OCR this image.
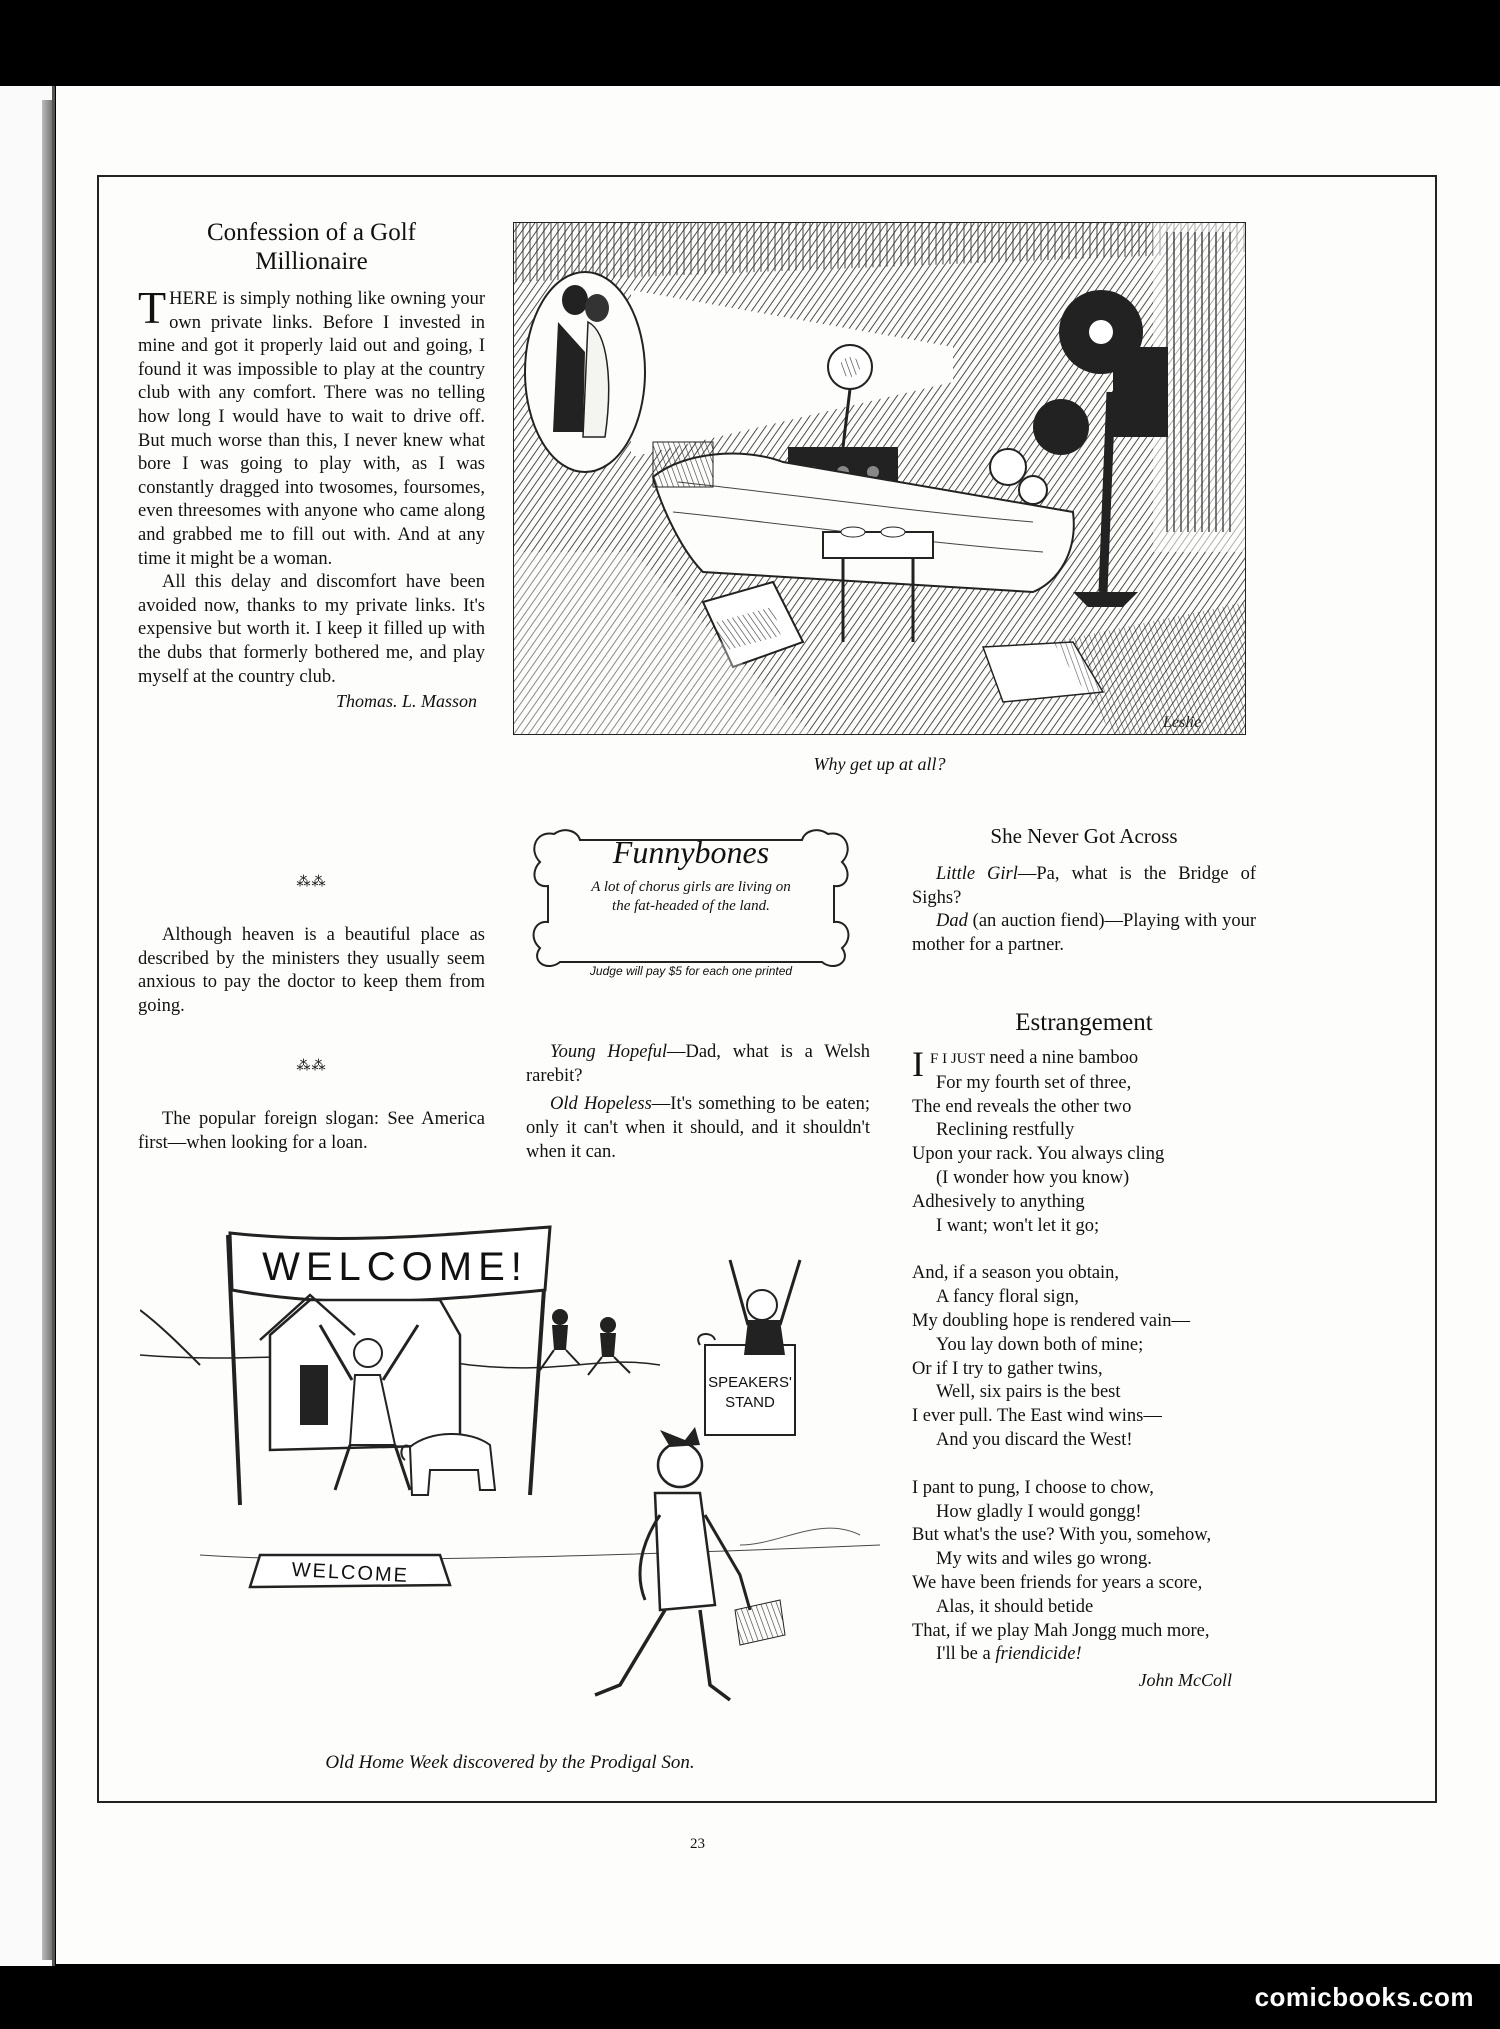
Confession of a Golf Millionaire

THERE is simply nothing like owning your own private links. Before I invested in mine and got it properly laid out and going, I found it was impossible to play at the country club with any comfort. There was no telling how long I would have to wait to drive off. But much worse than this, I never knew what bore I was going to play with, as I was constantly dragged into twosomes, foursomes, even threesomes with anyone who came along and grabbed me to fill out with. And at any time it might be a woman.

All this delay and discomfort have been avoided now, thanks to my private links. It's expensive but worth it. I keep it filled up with the dubs that formerly bothered me, and play myself at the country club.

Thomas. L. Masson
⁂⁂

Although heaven is a beautiful place as described by the ministers they usually seem anxious to pay the doctor to keep them from going.

⁂⁂

The popular foreign slogan: See America first—when looking for a loan.

Leslie
Why get up at all?
Funnybones
A lot of chorus girls are living on
the fat-headed of the land.
Judge will pay $5 for each one printed
She Never Got Across

Little Girl—Pa, what is the Bridge of Sighs?

Dad (an auction fiend)—Playing with your mother for a partner.

Young Hopeful—Dad, what is a Welsh rarebit?

Old Hopeless—It's something to be eaten; only it can't when it should, and it shouldn't when it can.

Estrangement
I F I JUST need a nine bamboo
For my fourth set of three,
The end reveals the other two
Reclining restfully
Upon your rack. You always cling
(I wonder how you know)
Adhesively to anything
I want; won't let it go;
And, if a season you obtain,
A fancy floral sign,
My doubling hope is rendered vain—
You lay down both of mine;
Or if I try to gather twins,
Well, six pairs is the best
I ever pull. The East wind wins—
And you discard the West!
I pant to pung, I choose to chow,
How gladly I would gongg!
But what's the use? With you, somehow,
My wits and wiles go wrong.
We have been friends for years a score,
Alas, it should betide
That, if we play Mah Jongg much more,
I'll be a friendicide!
John McColl
WELCOME!
SPEAKERS'
STAND
WELCOME
Old Home Week discovered by the Prodigal Son.
23
comicbooks.com
